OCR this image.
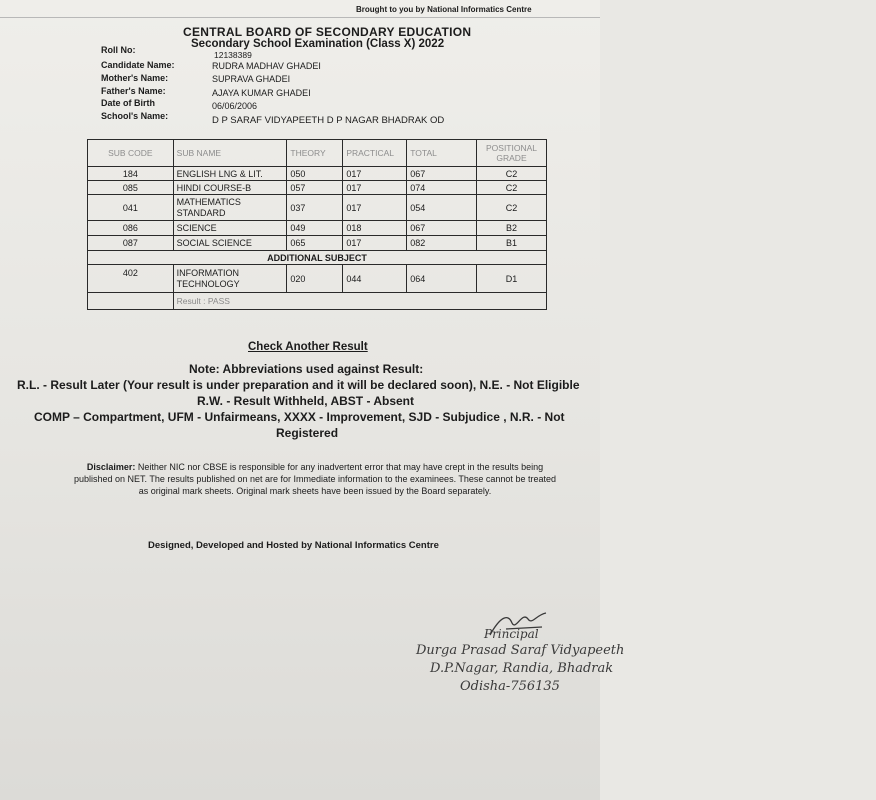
Brought to you by National Informatics Centre
CENTRAL BOARD OF SECONDARY EDUCATION
Secondary School Examination (Class X) 2022
Roll No:	12138389
Candidate Name:	RUDRA MADHAV GHADEI
Mother's Name:	SUPRAVA GHADEI
Father's Name:	AJAYA KUMAR GHADEI
Date of Birth	06/06/2006
School's Name:	D P SARAF VIDYAPEETH D P NAGAR BHADRAK OD
SUB CODE	SUB NAME	THEORY	PRACTICAL	TOTAL	POSITIONAL GRADE
184	ENGLISH LNG & LIT.	050	017	067	C2
085	HINDI COURSE-B	057	017	074	C2
041	MATHEMATICS STANDARD	037	017	054	C2
086	SCIENCE	049	018	067	B2
087	SOCIAL SCIENCE	065	017	082	B1
ADDITIONAL SUBJECT					
402	INFORMATION TECHNOLOGY	020	044	064	D1
	Result : PASS				
Check Another Result
Note: Abbreviations used against Result:
R.L. - Result Later (Your result is under preparation and it will be declared soon), N.E. - Not Eligible
R.W. - Result Withheld, ABST - Absent
COMP – Compartment, UFM - Unfairmeans, XXXX - Improvement, SJD - Subjudice , N.R. - Not
Registered
Disclaimer: Neither NIC nor CBSE is responsible for any inadvertent error that may have crept in the results being published on NET. The results published on net are for Immediate information to the examinees. These cannot be treated as original mark sheets. Original mark sheets have been issued by the Board separately.
Designed, Developed and Hosted by National Informatics Centre
Principal
Durga Prasad Saraf Vidyapeeth
D.P.Nagar, Randia, Bhadrak
Odisha-756135
